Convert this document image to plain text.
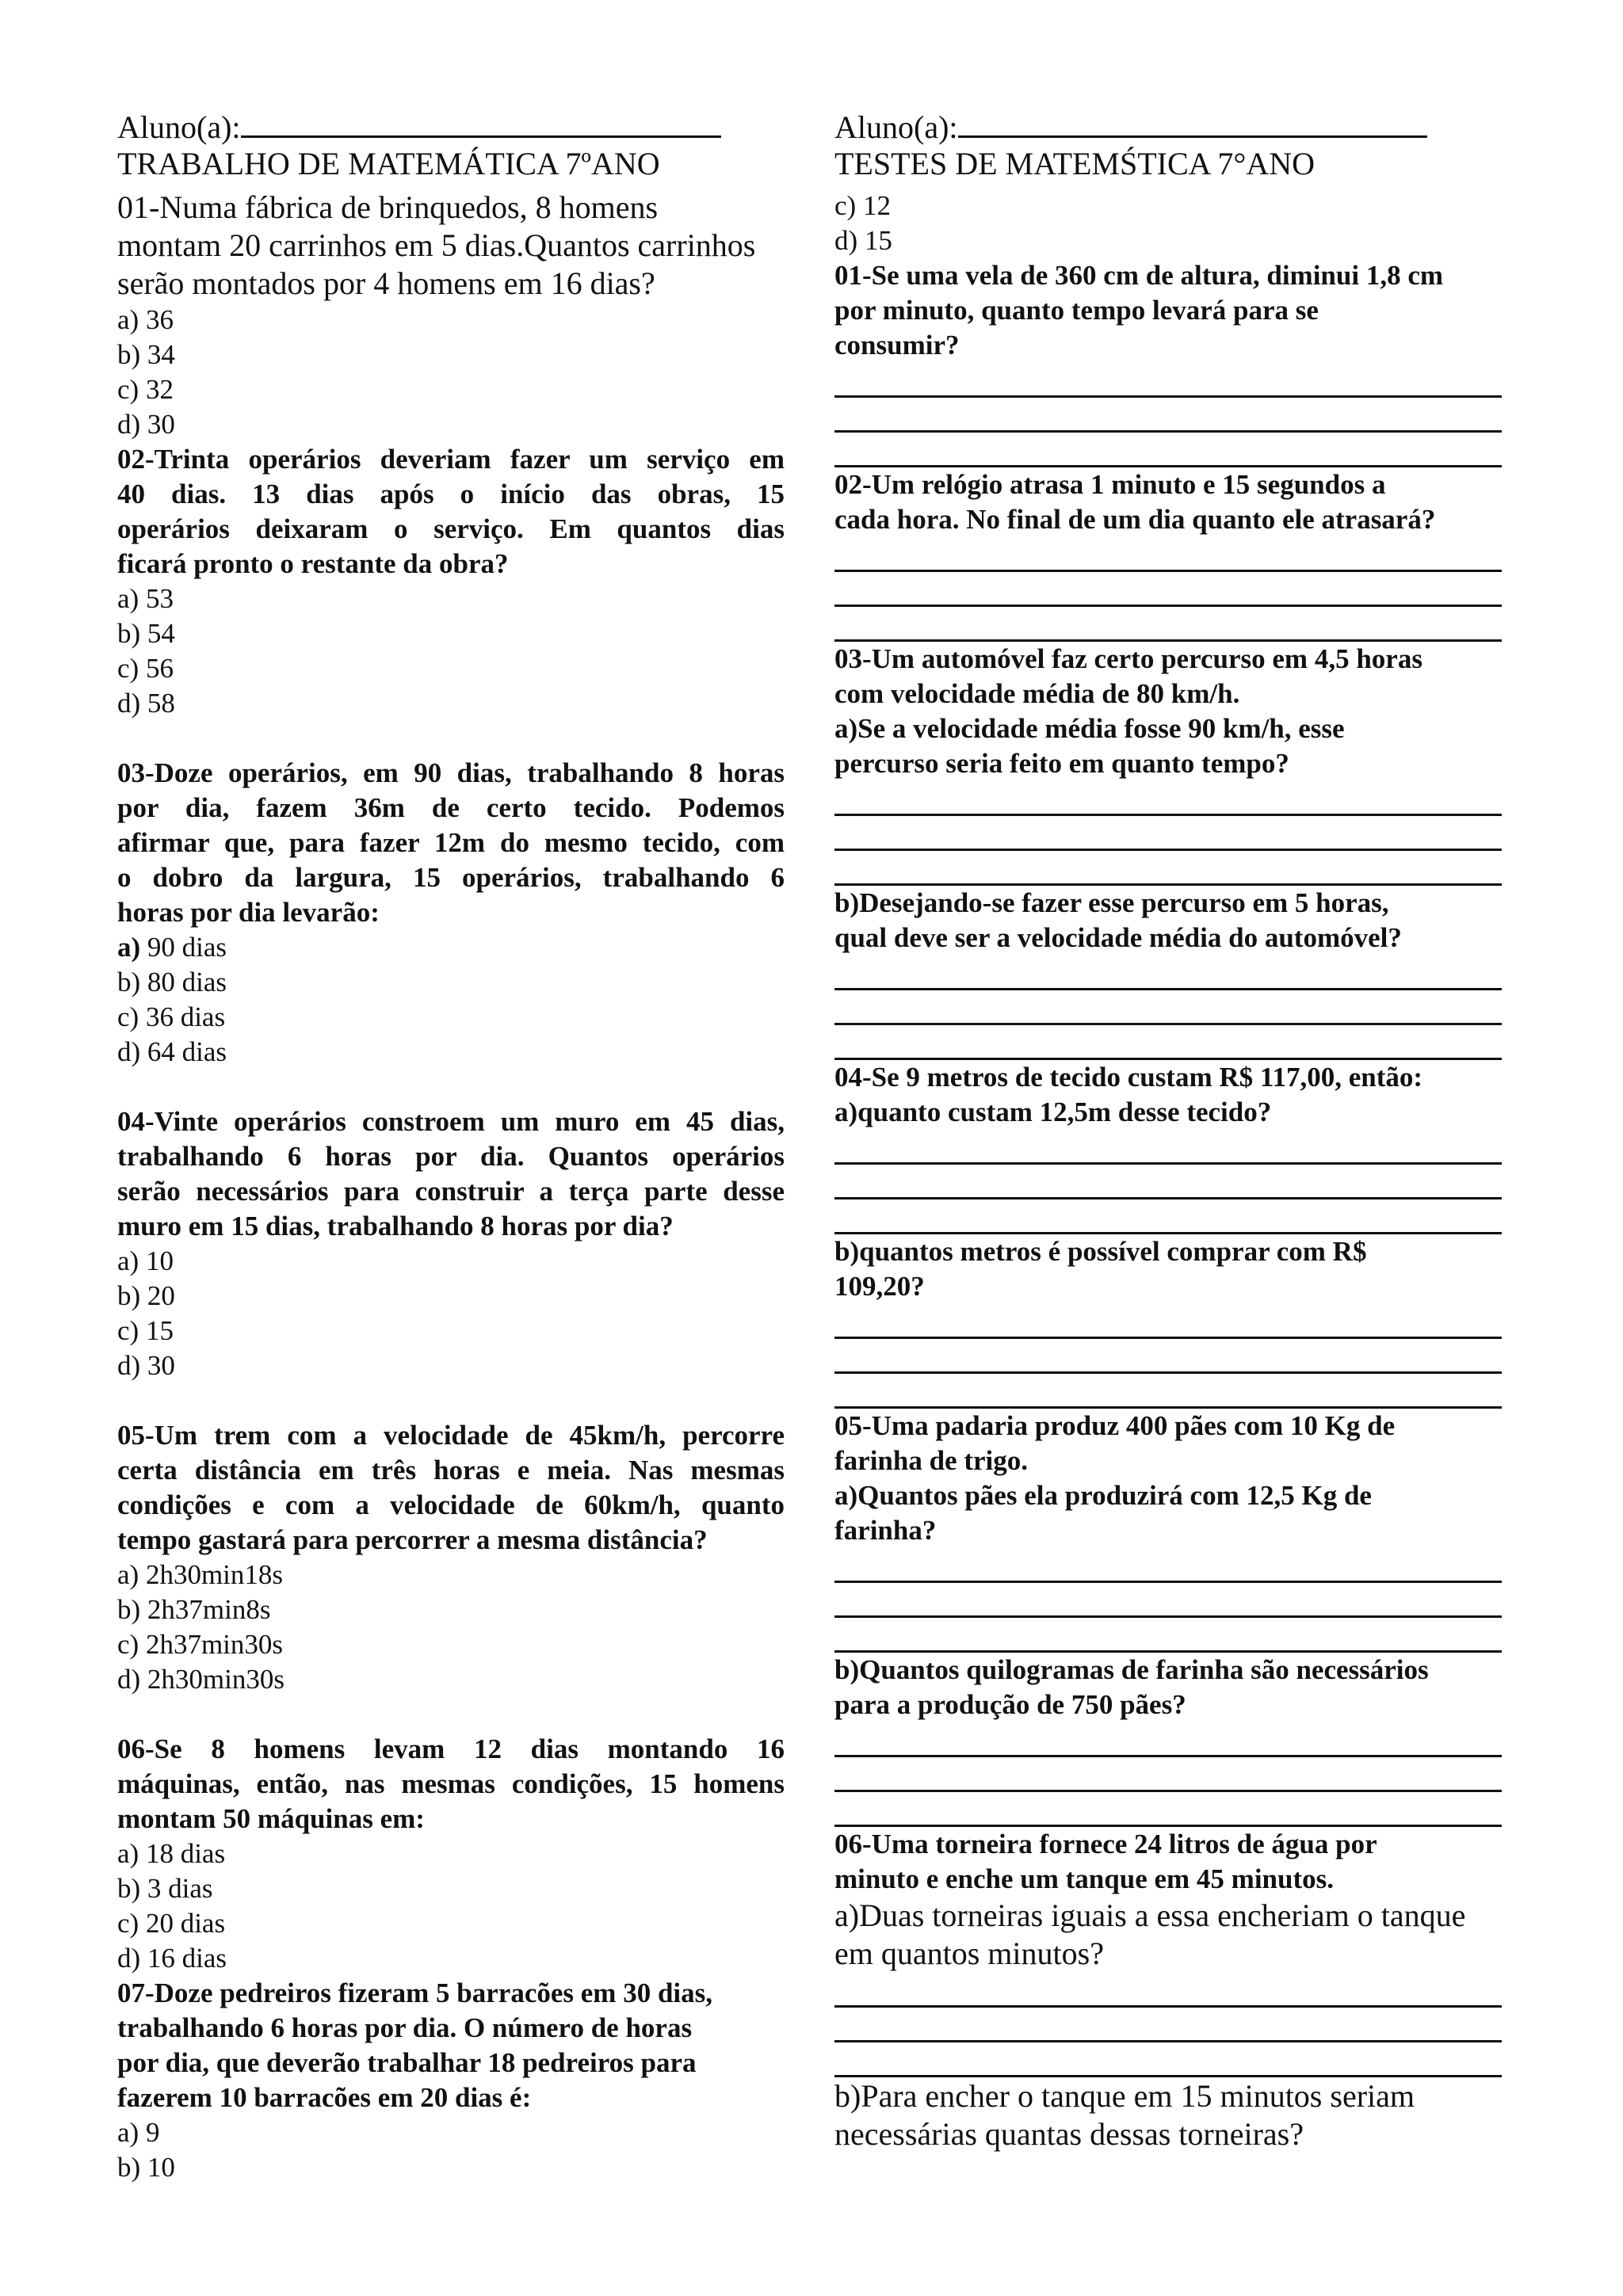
Aluno(a):
TRABALHO DE MATEMÁTICA 7ºANO
01-Numa fábrica de brinquedos, 8 homens
montam 20 carrinhos em 5 dias.Quantos carrinhos
serão montados por 4 homens em 16 dias?
a) 36
b) 34
c) 32
d) 30
02-Trinta operários deveriam fazer um serviço em
40 dias. 13 dias após o início das obras, 15
operários deixaram o serviço. Em quantos dias
ficará pronto o restante da obra?
a) 53
b) 54
c) 56
d) 58
03-Doze operários, em 90 dias, trabalhando 8 horas
por dia, fazem 36m de certo tecido. Podemos
afirmar que, para fazer 12m do mesmo tecido, com
o dobro da largura, 15 operários, trabalhando 6
horas por dia levarão:
a) 90 dias
b) 80 dias
c) 36 dias
d) 64 dias
04-Vinte operários constroem um muro em 45 dias,
trabalhando 6 horas por dia. Quantos operários
serão necessários para construir a terça parte desse
muro em 15 dias, trabalhando 8 horas por dia?
a) 10
b) 20
c) 15
d) 30
05-Um trem com a velocidade de 45km/h, percorre
certa distância em três horas e meia. Nas mesmas
condições e com a velocidade de 60km/h, quanto
tempo gastará para percorrer a mesma distância?
a) 2h30min18s
b) 2h37min8s
c) 2h37min30s
d) 2h30min30s
06-Se 8 homens levam 12 dias montando 16
máquinas, então, nas mesmas condições, 15 homens
montam 50 máquinas em:
a) 18 dias
b) 3 dias
c) 20 dias
d) 16 dias
07-Doze pedreiros fizeram 5 barracões em 30 dias,
trabalhando 6 horas por dia. O número de horas
por dia, que deverão trabalhar 18 pedreiros para
fazerem 10 barracões em 20 dias é:
a) 9
b) 10
Aluno(a):
TESTES DE MATEMŚTICA 7°ANO
c) 12
d) 15
01-Se uma vela de 360 cm de altura, diminui 1,8 cm
por minuto, quanto tempo levará para se
consumir?
02-Um relógio atrasa 1 minuto e 15 segundos a
cada hora. No final de um dia quanto ele atrasará?
03-Um automóvel faz certo percurso em 4,5 horas
com velocidade média de 80 km/h.
a)Se a velocidade média fosse 90 km/h, esse
percurso seria feito em quanto tempo?
b)Desejando-se fazer esse percurso em 5 horas,
qual deve ser a velocidade média do automóvel?
04-Se 9 metros de tecido custam R$ 117,00, então:
a)quanto custam 12,5m desse tecido?
b)quantos metros é possível comprar com R$
109,20?
05-Uma padaria produz 400 pães com 10 Kg de
farinha de trigo.
a)Quantos pães ela produzirá com 12,5 Kg de
farinha?
b)Quantos quilogramas de farinha são necessários
para a produção de 750 pães?
06-Uma torneira fornece 24 litros de água por
minuto e enche um tanque em 45 minutos.
a)Duas torneiras iguais a essa encheriam o tanque
em quantos minutos?
b)Para encher o tanque em 15 minutos seriam
necessárias quantas dessas torneiras?
